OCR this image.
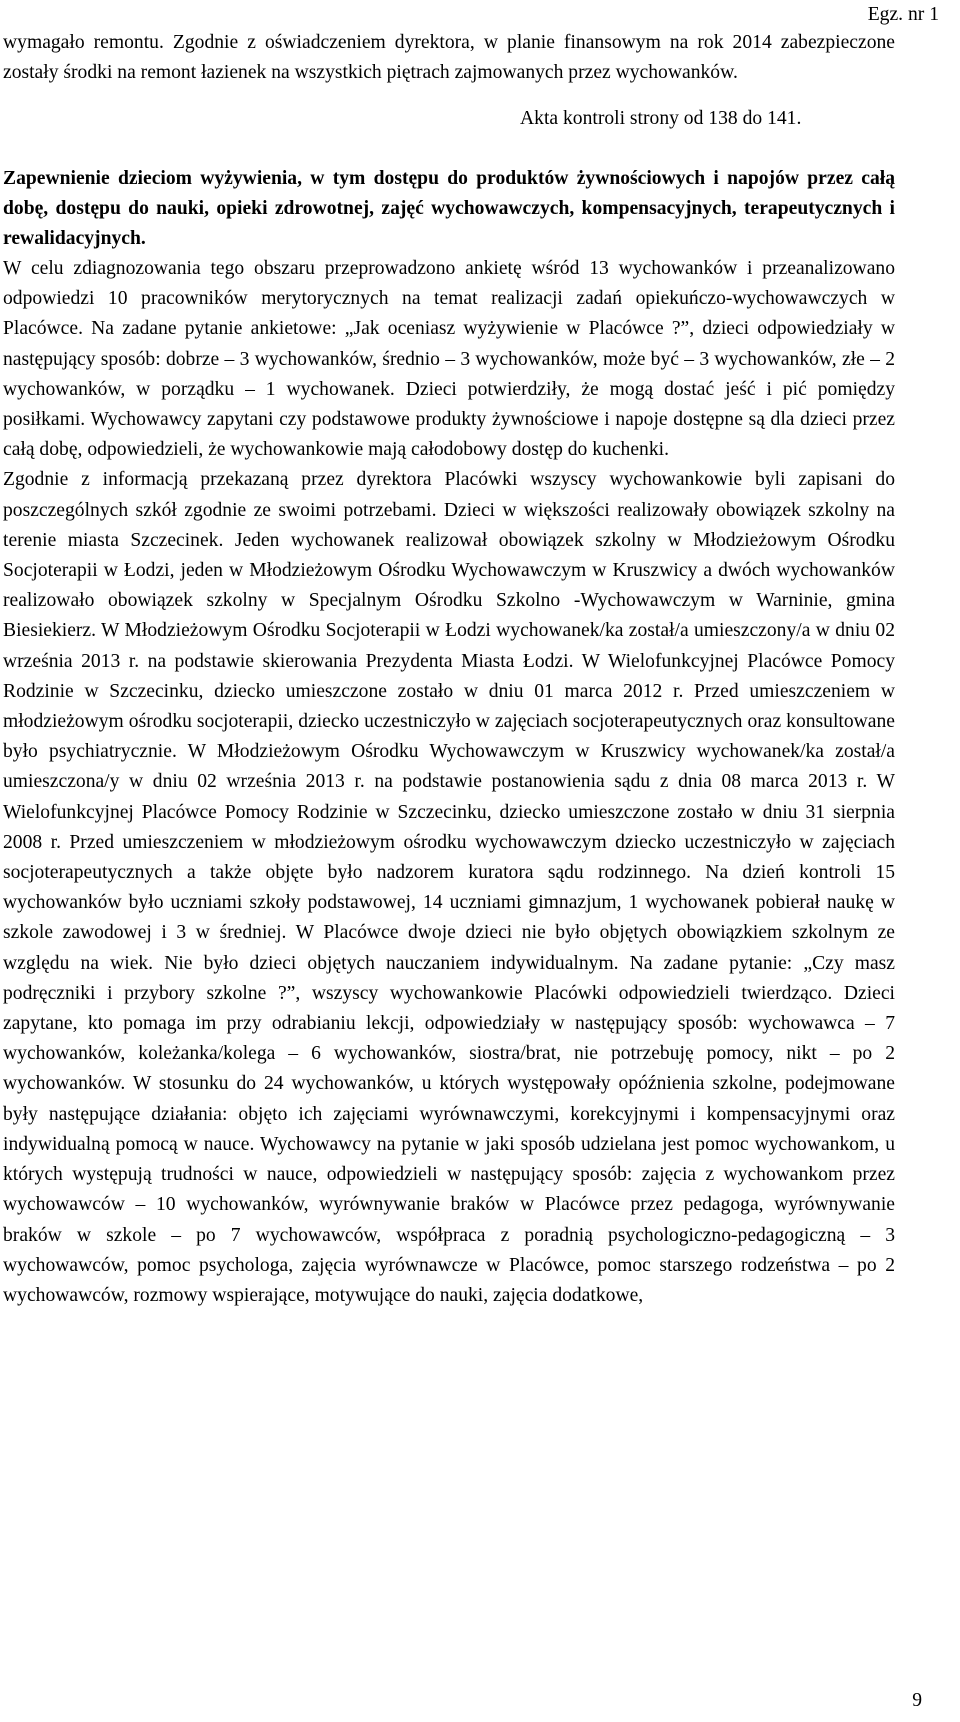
Egz. nr 1

wymagało remontu. Zgodnie z oświadczeniem dyrektora, w planie finansowym na rok 2014 zabezpieczone zostały środki na remont łazienek na wszystkich piętrach zajmowanych przez wychowanków.

Akta kontroli strony od 138 do 141.

Zapewnienie dzieciom wyżywienia, w tym dostępu do produktów żywnościowych i napojów przez całą dobę, dostępu do nauki, opieki zdrowotnej, zajęć wychowawczych, kompensacyjnych, terapeutycznych i rewalidacyjnych.

W celu zdiagnozowania tego obszaru przeprowadzono ankietę wśród 13 wychowanków i przeanalizowano odpowiedzi 10 pracowników merytorycznych na temat realizacji zadań opiekuńczo-wychowawczych w Placówce. Na zadane pytanie ankietowe: „Jak oceniasz wyżywienie w Placówce ?”, dzieci odpowiedziały w następujący sposób: dobrze – 3 wychowanków, średnio – 3 wychowanków, może być – 3 wychowanków, złe – 2 wychowanków, w porządku – 1 wychowanek. Dzieci potwierdziły, że mogą dostać jeść i pić pomiędzy posiłkami. Wychowawcy zapytani czy podstawowe produkty żywnościowe i napoje dostępne są dla dzieci przez całą dobę, odpowiedzieli, że wychowankowie mają całodobowy dostęp do kuchenki.

Zgodnie z informacją przekazaną przez dyrektora Placówki wszyscy wychowankowie byli zapisani do poszczególnych szkół zgodnie ze swoimi potrzebami. Dzieci w większości realizowały obowiązek szkolny na terenie miasta Szczecinek. Jeden wychowanek realizował obowiązek szkolny w Młodzieżowym Ośrodku Socjoterapii w Łodzi, jeden w Młodzieżowym Ośrodku Wychowawczym w Kruszwicy a dwóch wychowanków realizowało obowiązek szkolny w Specjalnym Ośrodku Szkolno -Wychowawczym w Warninie, gmina Biesiekierz. W Młodzieżowym Ośrodku Socjoterapii w Łodzi wychowanek/ka został/a umieszczony/a w dniu 02 września 2013 r. na podstawie skierowania Prezydenta Miasta Łodzi. W Wielofunkcyjnej Placówce Pomocy Rodzinie w Szczecinku, dziecko umieszczone zostało w dniu 01 marca 2012 r. Przed umieszczeniem w młodzieżowym ośrodku socjoterapii, dziecko uczestniczyło w zajęciach socjoterapeutycznych oraz konsultowane było psychiatrycznie. W Młodzieżowym Ośrodku Wychowawczym w Kruszwicy wychowanek/ka został/a umieszczona/y w dniu 02 września 2013 r. na podstawie postanowienia sądu z dnia 08 marca 2013 r. W Wielofunkcyjnej Placówce Pomocy Rodzinie w Szczecinku, dziecko umieszczone zostało w dniu 31 sierpnia 2008 r. Przed umieszczeniem w młodzieżowym ośrodku wychowawczym dziecko uczestniczyło w zajęciach socjoterapeutycznych a także objęte było nadzorem kuratora sądu rodzinnego. Na dzień kontroli 15 wychowanków było uczniami szkoły podstawowej, 14 uczniami gimnazjum, 1 wychowanek pobierał naukę w szkole zawodowej i 3 w średniej. W Placówce dwoje dzieci nie było objętych obowiązkiem szkolnym ze względu na wiek. Nie było dzieci objętych nauczaniem indywidualnym. Na zadane pytanie: „Czy masz podręczniki i przybory szkolne ?”, wszyscy wychowankowie Placówki odpowiedzieli twierdząco. Dzieci zapytane, kto pomaga im przy odrabianiu lekcji, odpowiedziały w następujący sposób: wychowawca – 7 wychowanków, koleżanka/kolega – 6 wychowanków, siostra/brat, nie potrzebuję pomocy, nikt – po 2 wychowanków. W stosunku do 24 wychowanków, u których występowały opóźnienia szkolne, podejmowane były następujące działania: objęto ich zajęciami wyrównawczymi, korekcyjnymi i kompensacyjnymi oraz indywidualną pomocą w nauce. Wychowawcy na pytanie w jaki sposób udzielana jest pomoc wychowankom, u których występują trudności w nauce, odpowiedzieli w następujący sposób: zajęcia z wychowankom przez wychowawców – 10 wychowanków, wyrównywanie braków w Placówce przez pedagoga, wyrównywanie braków w szkole – po 7 wychowawców, współpraca z poradnią psychologiczno-pedagogiczną – 3 wychowawców, pomoc psychologa, zajęcia wyrównawcze w Placówce, pomoc starszego rodzeństwa – po 2 wychowawców, rozmowy wspierające, motywujące do nauki, zajęcia dodatkowe,

9
